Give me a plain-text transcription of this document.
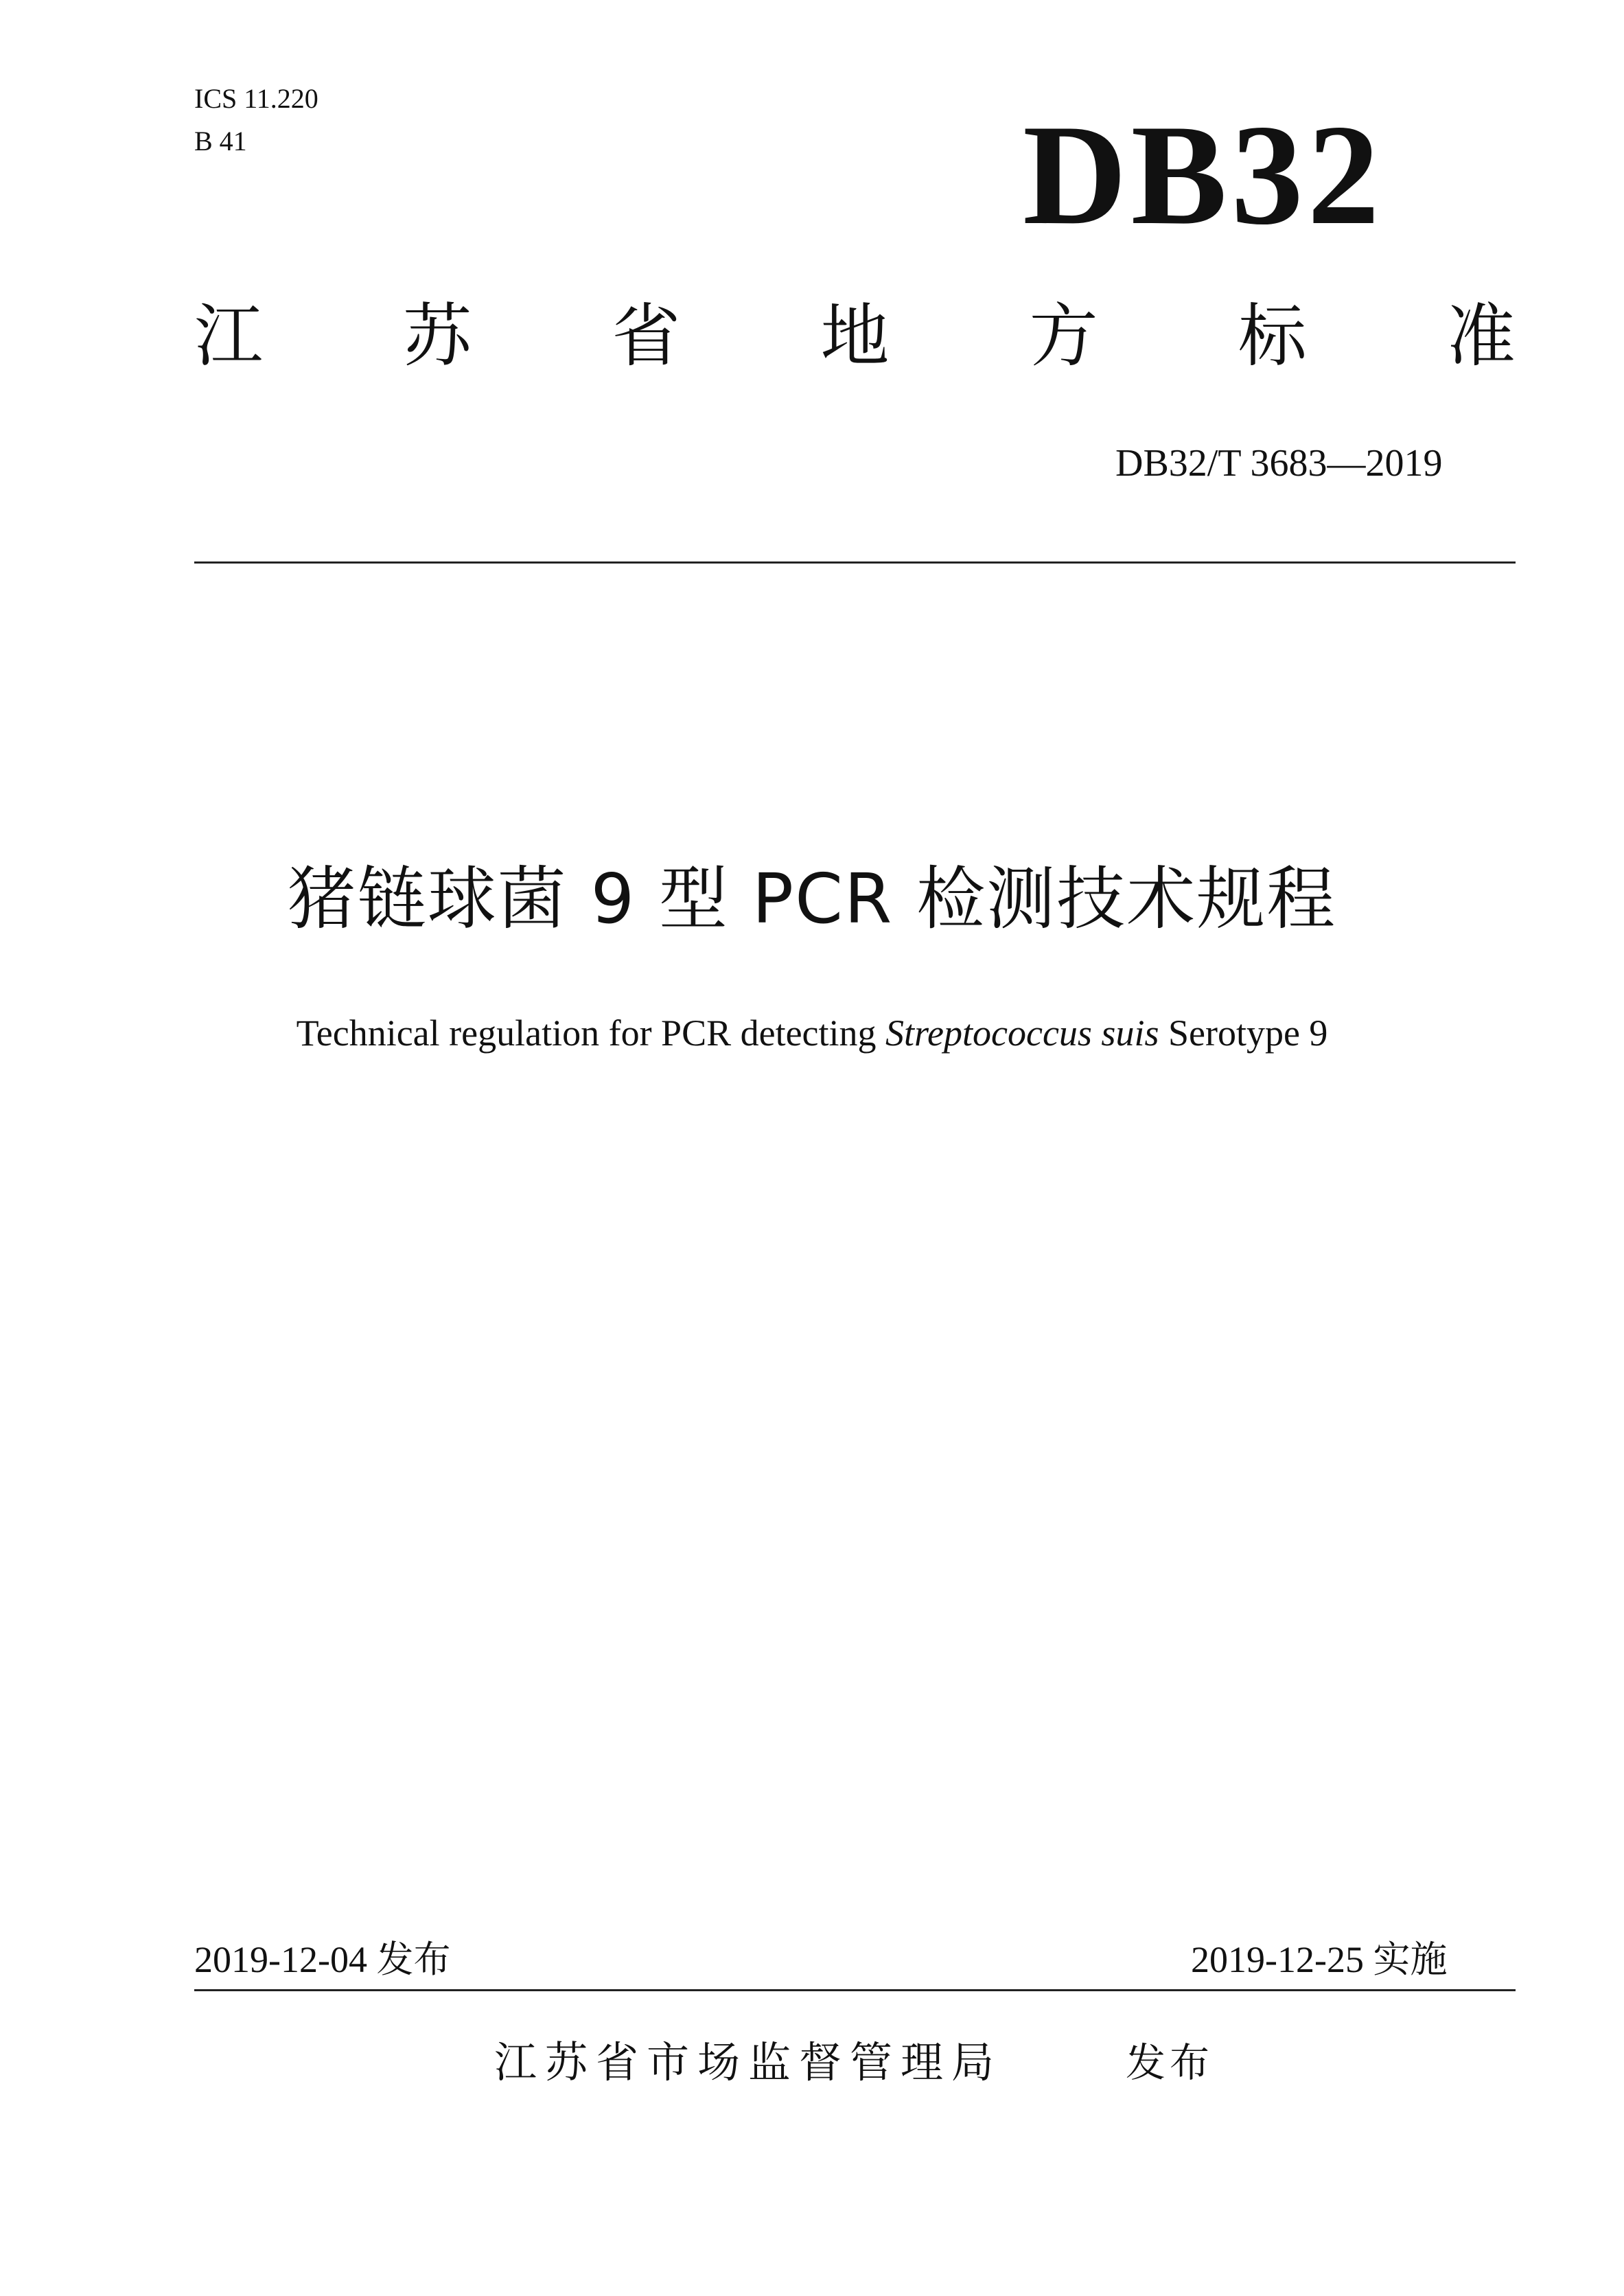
ICS 11.220
B 41	DB32
江 苏 省 地 方 标 准
DB32/T 3683—2019
猪链球菌 9 型 PCR 检测技术规程
Technical regulation for PCR detecting Streptococcus suis Serotype 9
2019-12-04 发布	2019-12-25 实施
江苏省市场监督管理局	发布
